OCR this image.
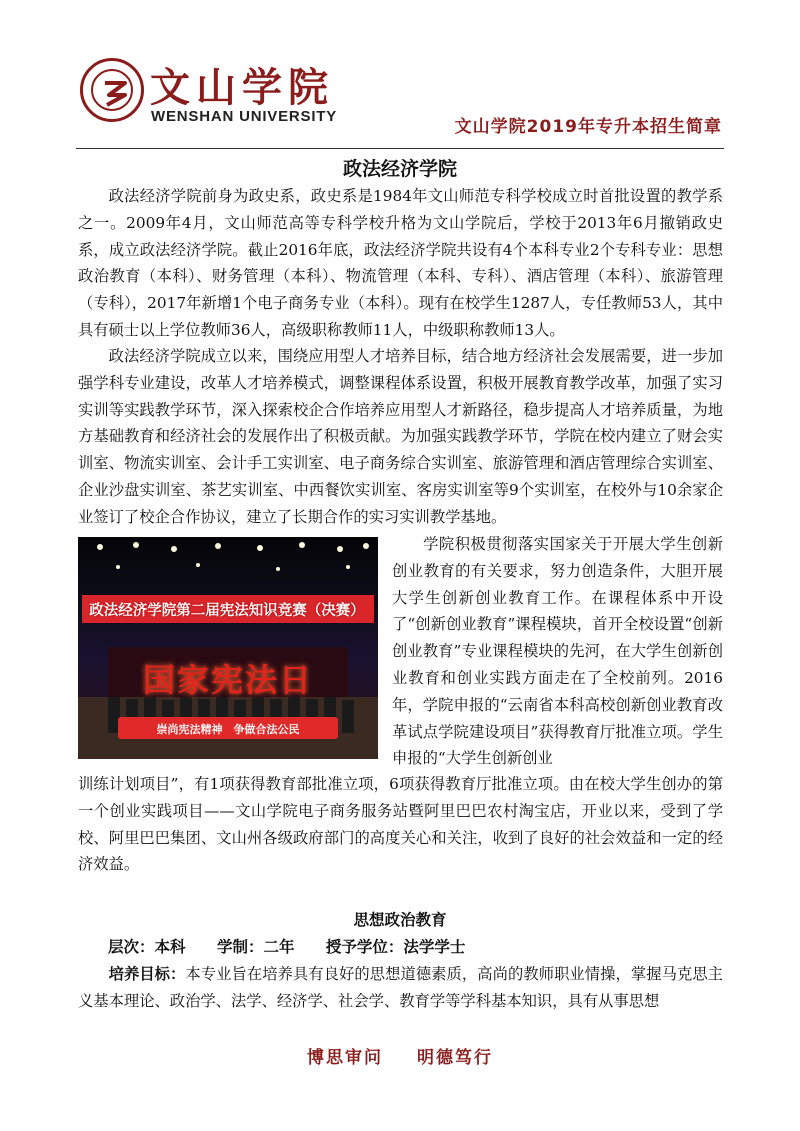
文山学院
WENSHAN UNIVERSITY
文山学院2019年专升本招生简章
政法经济学院

政法经济学院前身为政史系，政史系是1984年文山师范专科学校成立时首批设置的教学系之一。2009年4月，文山师范高等专科学校升格为文山学院后，学校于2013年6月撤销政史系，成立政法经济学院。截止2016年底，政法经济学院共设有4个本科专业2个专科专业：思想政治教育（本科）、财务管理（本科）、物流管理（本科、专科）、酒店管理（本科）、旅游管理（专科），2017年新增1个电子商务专业（本科）。现有在校学生1287人，专任教师53人，其中具有硕士以上学位教师36人，高级职称教师11人，中级职称教师13人。

政法经济学院成立以来，围绕应用型人才培养目标，结合地方经济社会发展需要，进一步加强学科专业建设，改革人才培养模式，调整课程体系设置，积极开展教育教学改革，加强了实习实训等实践教学环节，深入探索校企合作培养应用型人才新路径，稳步提高人才培养质量，为地方基础教育和经济社会的发展作出了积极贡献。为加强实践教学环节，学院在校内建立了财会实训室、物流实训室、会计手工实训室、电子商务综合实训室、旅游管理和酒店管理综合实训室、企业沙盘实训室、茶艺实训室、中西餐饮实训室、客房实训室等9个实训室，在校外与10余家企业签订了校企合作协议，建立了长期合作的实习实训教学基地。

政法经济学院第二届宪法知识竞赛（决赛）
国家宪法日
崇尚宪法精神　争做合法公民

学院积极贯彻落实国家关于开展大学生创新创业教育的有关要求，努力创造条件，大胆开展大学生创新创业教育工作。在课程体系中开设了“创新创业教育”课程模块，首开全校设置“创新创业教育”专业课程模块的先河，在大学生创新创业教育和创业实践方面走在了全校前列。2016年，学院申报的“云南省本科高校创新创业教育改革试点学院建设项目”获得教育厅批准立项。学生申报的“大学生创新创业

训练计划项目”，有1项获得教育部批准立项，6项获得教育厅批准立项。由在校大学生创办的第一个创业实践项目——文山学院电子商务服务站暨阿里巴巴农村淘宝店，开业以来，受到了学校、阿里巴巴集团、文山州各级政府部门的高度关心和关注，收到了良好的社会效益和一定的经济效益。

思想政治教育
层次：本科 学制：二年 授予学位：法学学士

培养目标：本专业旨在培养具有良好的思想道德素质，高尚的教师职业情操，掌握马克思主义基本理论、政治学、法学、经济学、社会学、教育学等学科基本知识，具有从事思想

博思审问 明德笃行
